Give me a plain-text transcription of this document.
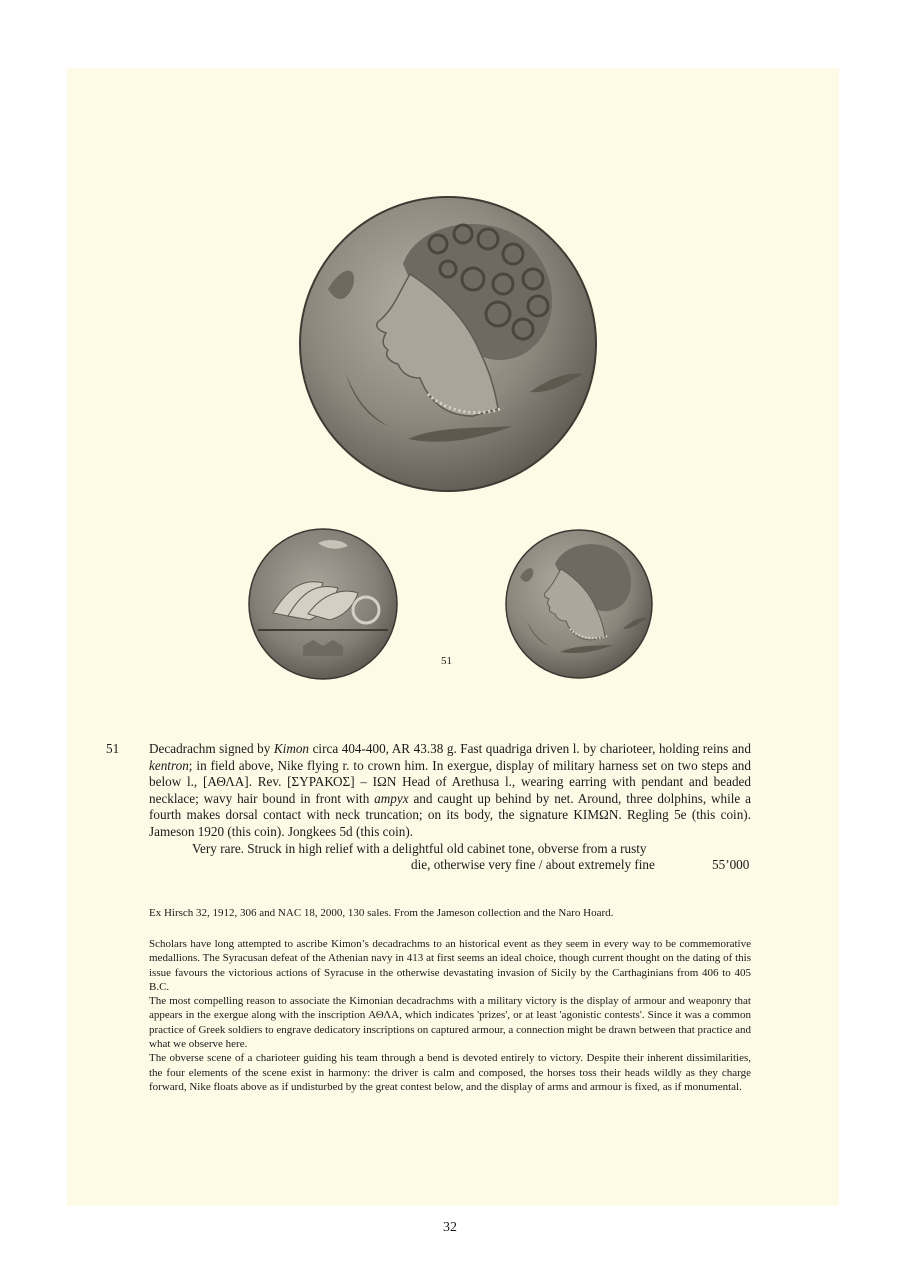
51
51 Decadrachm signed by Kimon circa 404-400, AR 43.38 g. Fast quadriga driven l. by charioteer, holding reins and kentron; in field above, Nike flying r. to crown him. In exergue, display of military harness set on two steps and below l., [ΑΘΛΑ]. Rev. [ΣΥΡΑΚΟΣ] – ΙΩΝ Head of Arethusa l., wearing earring with pendant and beaded necklace; wavy hair bound in front with ampyx and caught up behind by net. Around, three dolphins, while a fourth makes dorsal contact with neck truncation; on its body, the signature ΚΙΜΩΝ. Regling 5e (this coin). Jameson 1920 (this coin). Jongkees 5d (this coin).
Very rare. Struck in high relief with a delightful old cabinet tone, obverse from a rusty
die, otherwise very fine / about extremely fine	55’000
Ex Hirsch 32, 1912, 306 and NAC 18, 2000, 130 sales. From the Jameson collection and the Naro Hoard.

Scholars have long attempted to ascribe Kimon’s decadrachms to an historical event as they seem in every way to be commemorative medallions. The Syracusan defeat of the Athenian navy in 413 at first seems an ideal choice, though current thought on the dating of this issue favours the victorious actions of Syracuse in the otherwise devastating invasion of Sicily by the Carthaginians from 406 to 405 B.C.

The most compelling reason to associate the Kimonian decadrachms with a military victory is the display of armour and weaponry that appears in the exergue along with the inscription ΑΘΛΑ, which indicates 'prizes', or at least 'agonistic contests'. Since it was a common practice of Greek soldiers to engrave dedicatory inscriptions on captured armour, a connection might be drawn between that practice and what we observe here.

The obverse scene of a charioteer guiding his team through a bend is devoted entirely to victory. Despite their inherent dissimilarities, the four elements of the scene exist in harmony: the driver is calm and composed, the horses toss their heads wildly as they charge forward, Nike floats above as if undisturbed by the great contest below, and the display of arms and armour is fixed, as if monumental.

32
